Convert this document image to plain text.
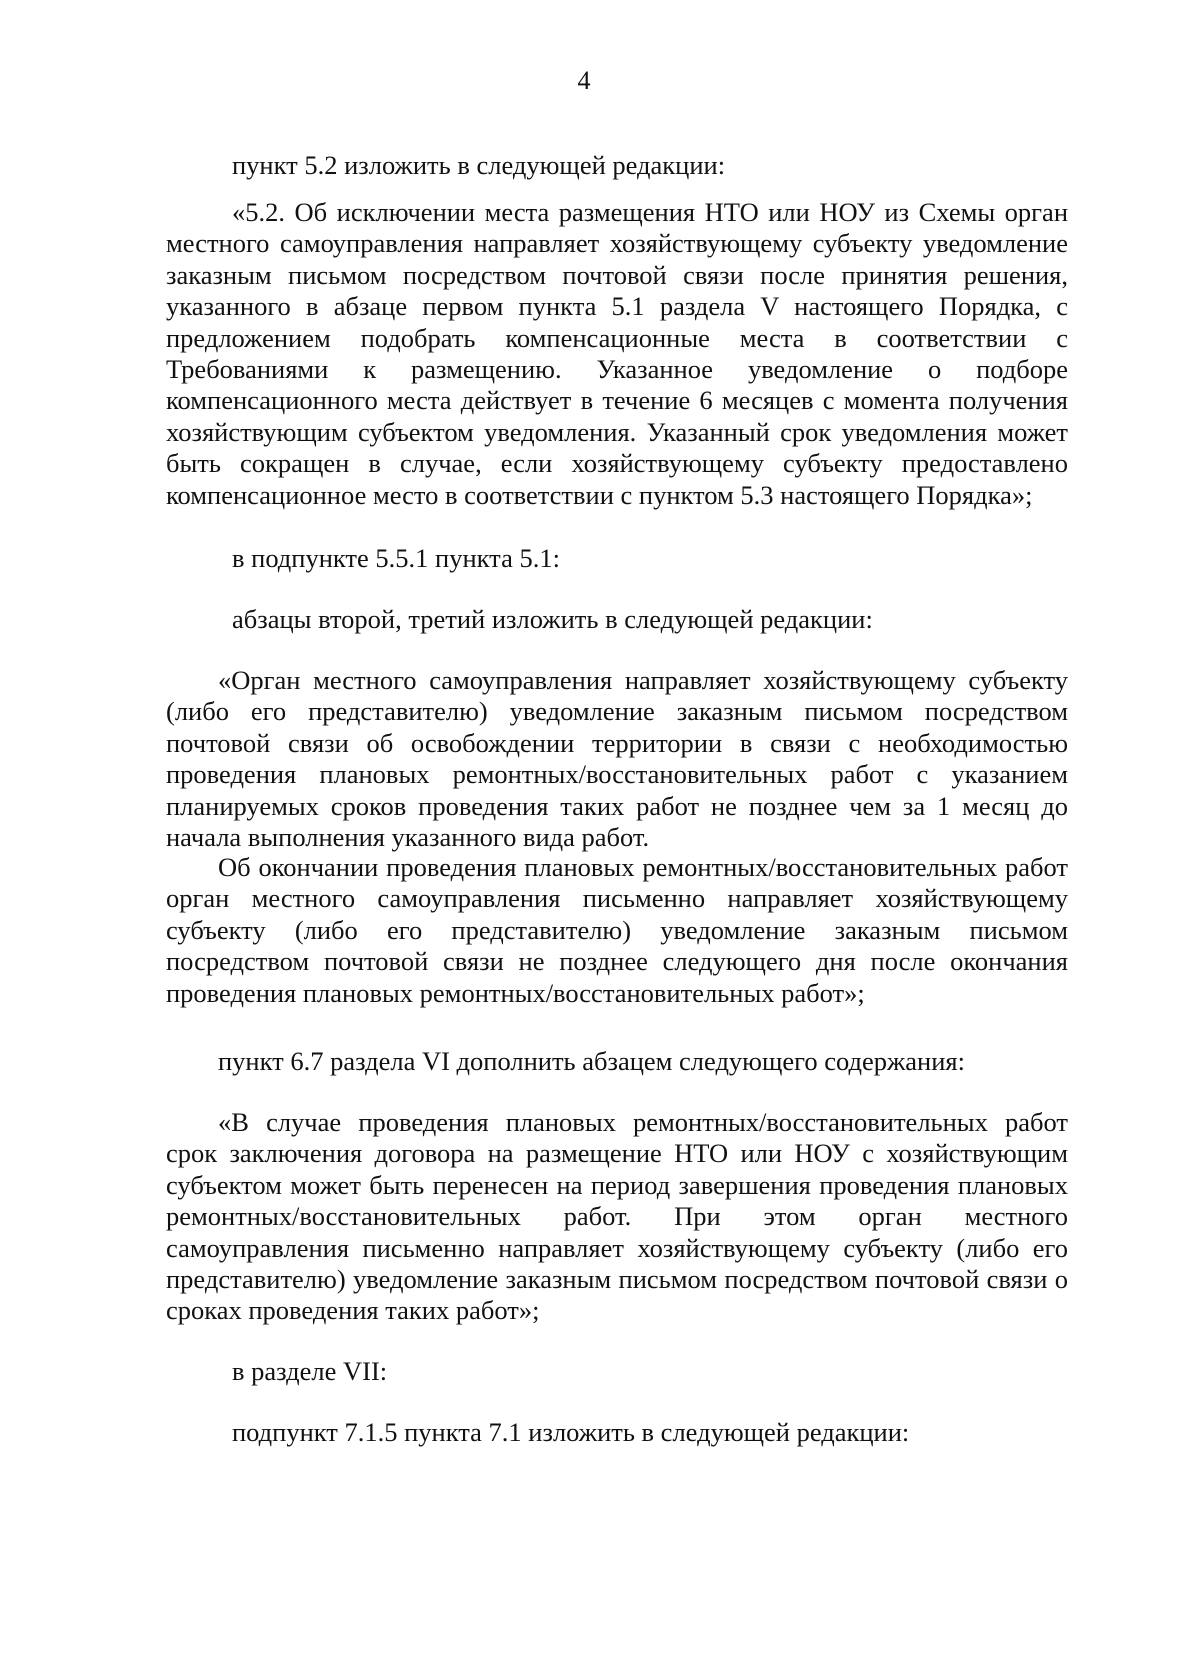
4

пункт 5.2 изложить в следующей редакции:

«5.2. Об исключении места размещения НТО или НОУ из Схемы орган местного самоуправления направляет хозяйствующему субъекту уведомление заказным письмом посредством почтовой связи после принятия решения, указанного в абзаце первом пункта 5.1 раздела V настоящего Порядка, с предложением подобрать компенсационные места в соответствии с Требованиями к размещению. Указанное уведомление о подборе компенсационного места действует в течение 6 месяцев с момента получения хозяйствующим субъектом уведомления. Указанный срок уведомления может быть сокращен в случае, если хозяйствующему субъекту предоставлено компенсационное место в соответствии с пунктом 5.3 настоящего Порядка»;

в подпункте 5.5.1 пункта 5.1:

абзацы второй, третий изложить в следующей редакции:

«Орган местного самоуправления направляет хозяйствующему субъекту (либо его представителю) уведомление заказным письмом посредством почтовой связи об освобождении территории в связи с необходимостью проведения плановых ремонтных/восстановительных работ с указанием планируемых сроков проведения таких работ не позднее чем за 1 месяц до начала выполнения указанного вида работ.

Об окончании проведения плановых ремонтных/восстановительных работ орган местного самоуправления письменно направляет хозяйствующему субъекту (либо его представителю) уведомление заказным письмом посредством почтовой связи не позднее следующего дня после окончания проведения плановых ремонтных/восстановительных работ»;

пункт 6.7 раздела VI дополнить абзацем следующего содержания:

«В случае проведения плановых ремонтных/восстановительных работ срок заключения договора на размещение НТО или НОУ с хозяйствующим субъектом может быть перенесен на период завершения проведения плановых ремонтных/восстановительных работ. При этом орган местного самоуправления письменно направляет хозяйствующему субъекту (либо его представителю) уведомление заказным письмом посредством почтовой связи о сроках проведения таких работ»;

в разделе VII:

подпункт 7.1.5 пункта 7.1 изложить в следующей редакции:
